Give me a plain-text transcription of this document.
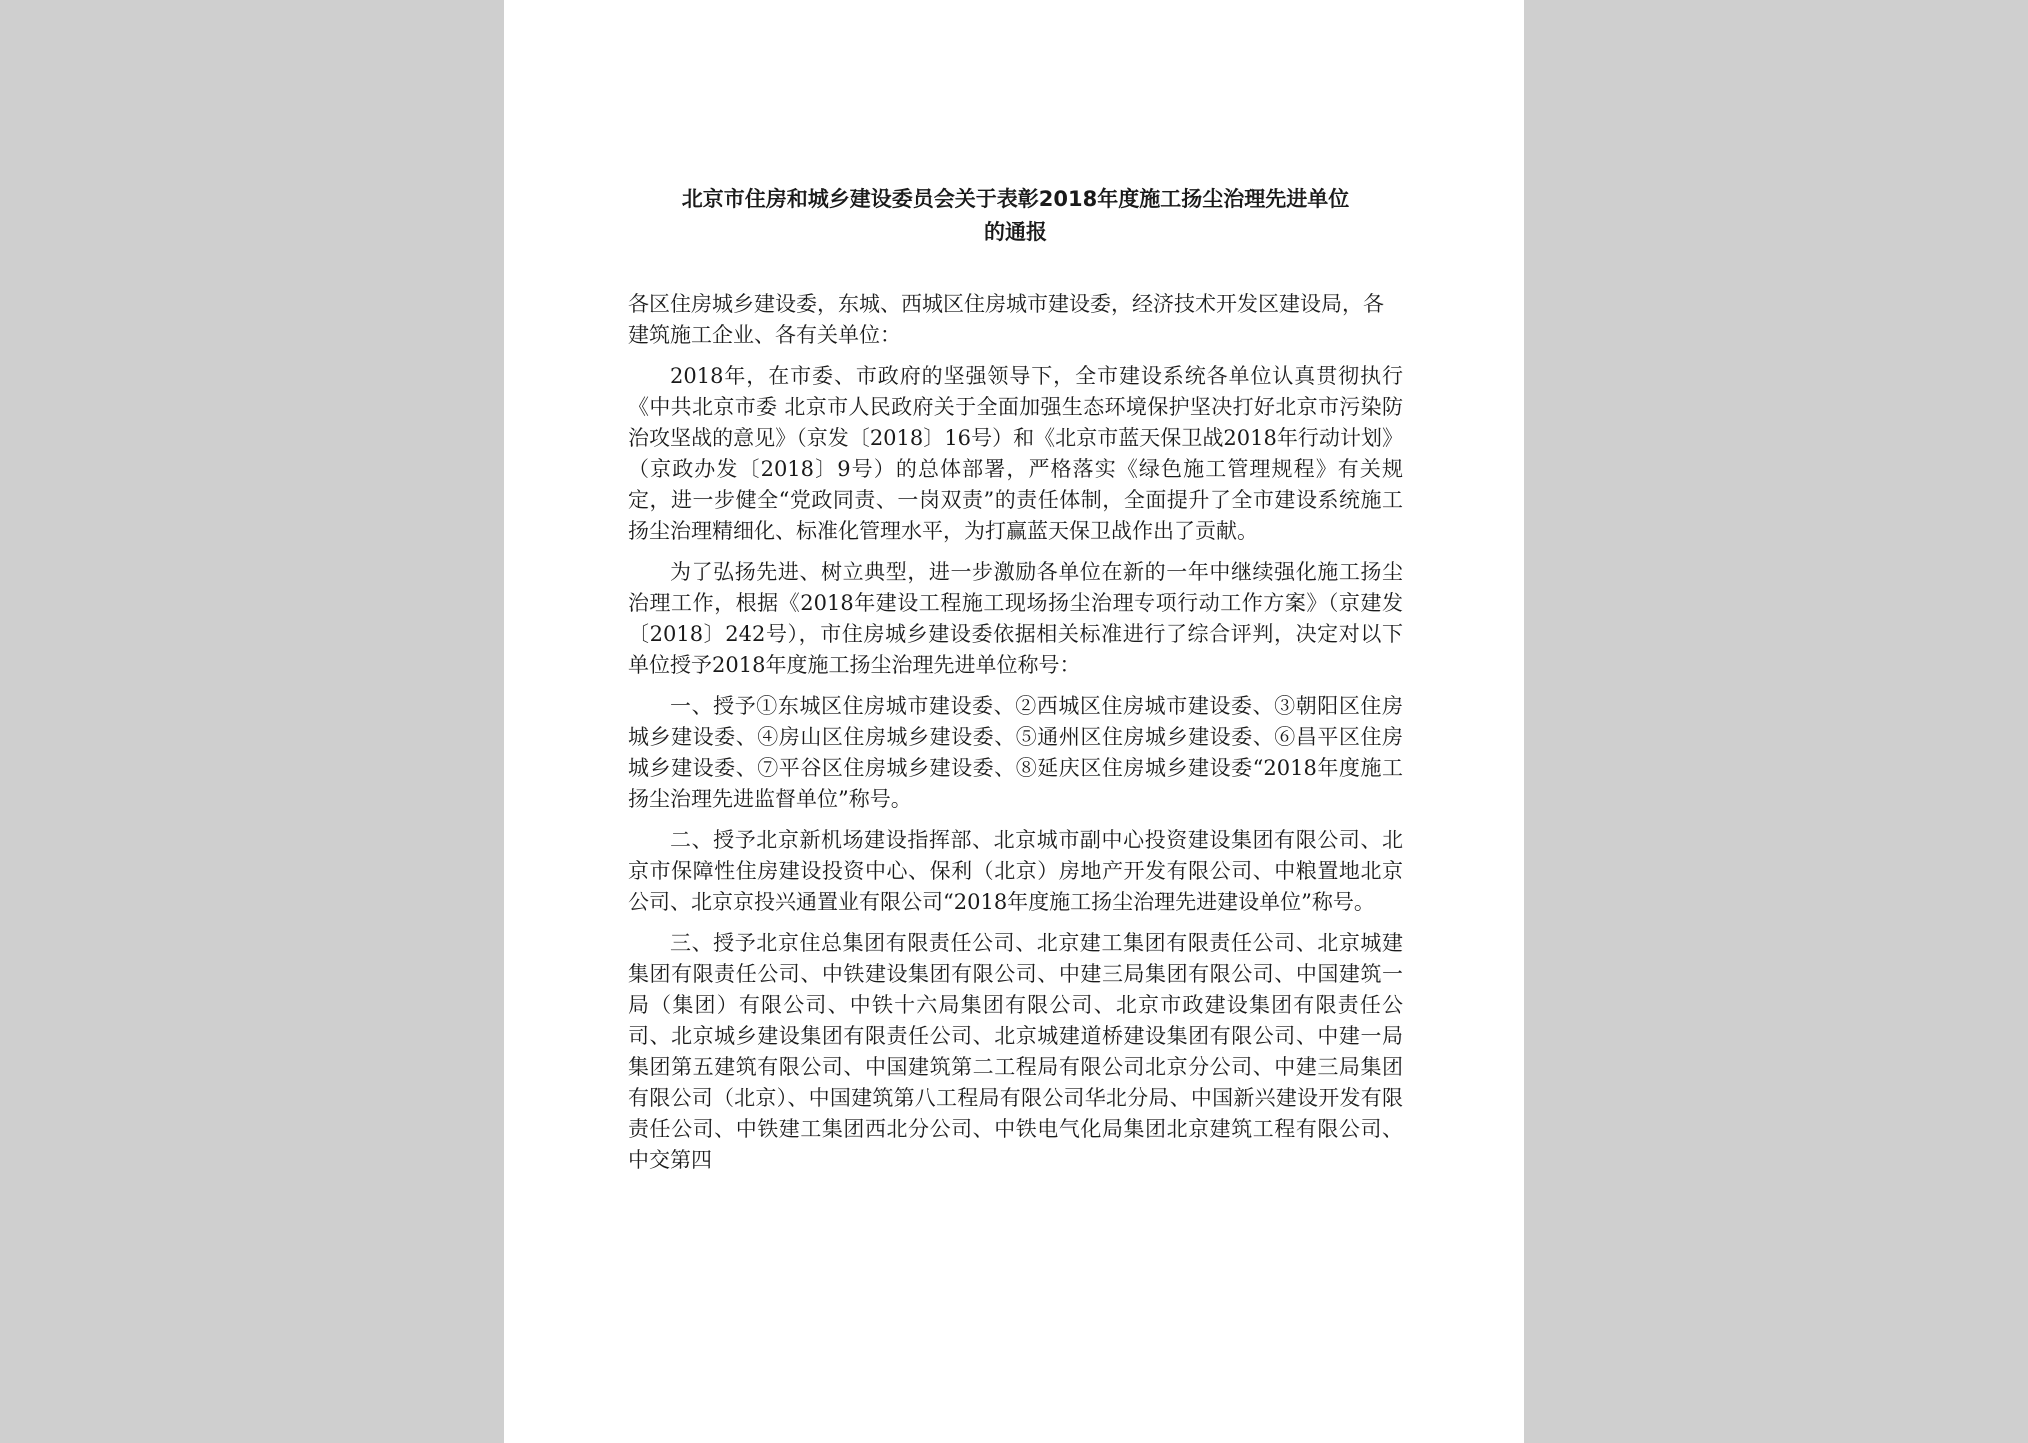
北京市住房和城乡建设委员会关于表彰2018年度施工扬尘治理先进单位
的通报

各区住房城乡建设委，东城、西城区住房城市建设委，经济技术开发区建设局，各建筑施工企业、各有关单位：

2018年，在市委、市政府的坚强领导下，全市建设系统各单位认真贯彻执行《中共北京市委 北京市人民政府关于全面加强生态环境保护坚决打好北京市污染防治攻坚战的意见》（京发〔2018〕16号）和《北京市蓝天保卫战2018年行动计划》（京政办发〔2018〕9号）的总体部署，严格落实《绿色施工管理规程》有关规定，进一步健全“党政同责、一岗双责”的责任体制，全面提升了全市建设系统施工扬尘治理精细化、标准化管理水平，为打赢蓝天保卫战作出了贡献。

为了弘扬先进、树立典型，进一步激励各单位在新的一年中继续强化施工扬尘治理工作，根据《2018年建设工程施工现场扬尘治理专项行动工作方案》（京建发〔2018〕242号），市住房城乡建设委依据相关标准进行了综合评判，决定对以下单位授予2018年度施工扬尘治理先进单位称号：

一、授予①东城区住房城市建设委、②西城区住房城市建设委、③朝阳区住房城乡建设委、④房山区住房城乡建设委、⑤通州区住房城乡建设委、⑥昌平区住房城乡建设委、⑦平谷区住房城乡建设委、⑧延庆区住房城乡建设委“2018年度施工扬尘治理先进监督单位”称号。

二、授予北京新机场建设指挥部、北京城市副中心投资建设集团有限公司、北京市保障性住房建设投资中心、保利（北京）房地产开发有限公司、中粮置地北京公司、北京京投兴通置业有限公司“2018年度施工扬尘治理先进建设单位”称号。

三、授予北京住总集团有限责任公司、北京建工集团有限责任公司、北京城建集团有限责任公司、中铁建设集团有限公司、中建三局集团有限公司、中国建筑一局（集团）有限公司、中铁十六局集团有限公司、北京市政建设集团有限责任公司、北京城乡建设集团有限责任公司、北京城建道桥建设集团有限公司、中建一局集团第五建筑有限公司、中国建筑第二工程局有限公司北京分公司、中建三局集团有限公司（北京）、中国建筑第八工程局有限公司华北分局、中国新兴建设开发有限责任公司、中铁建工集团西北分公司、中铁电气化局集团北京建筑工程有限公司、中交第四
